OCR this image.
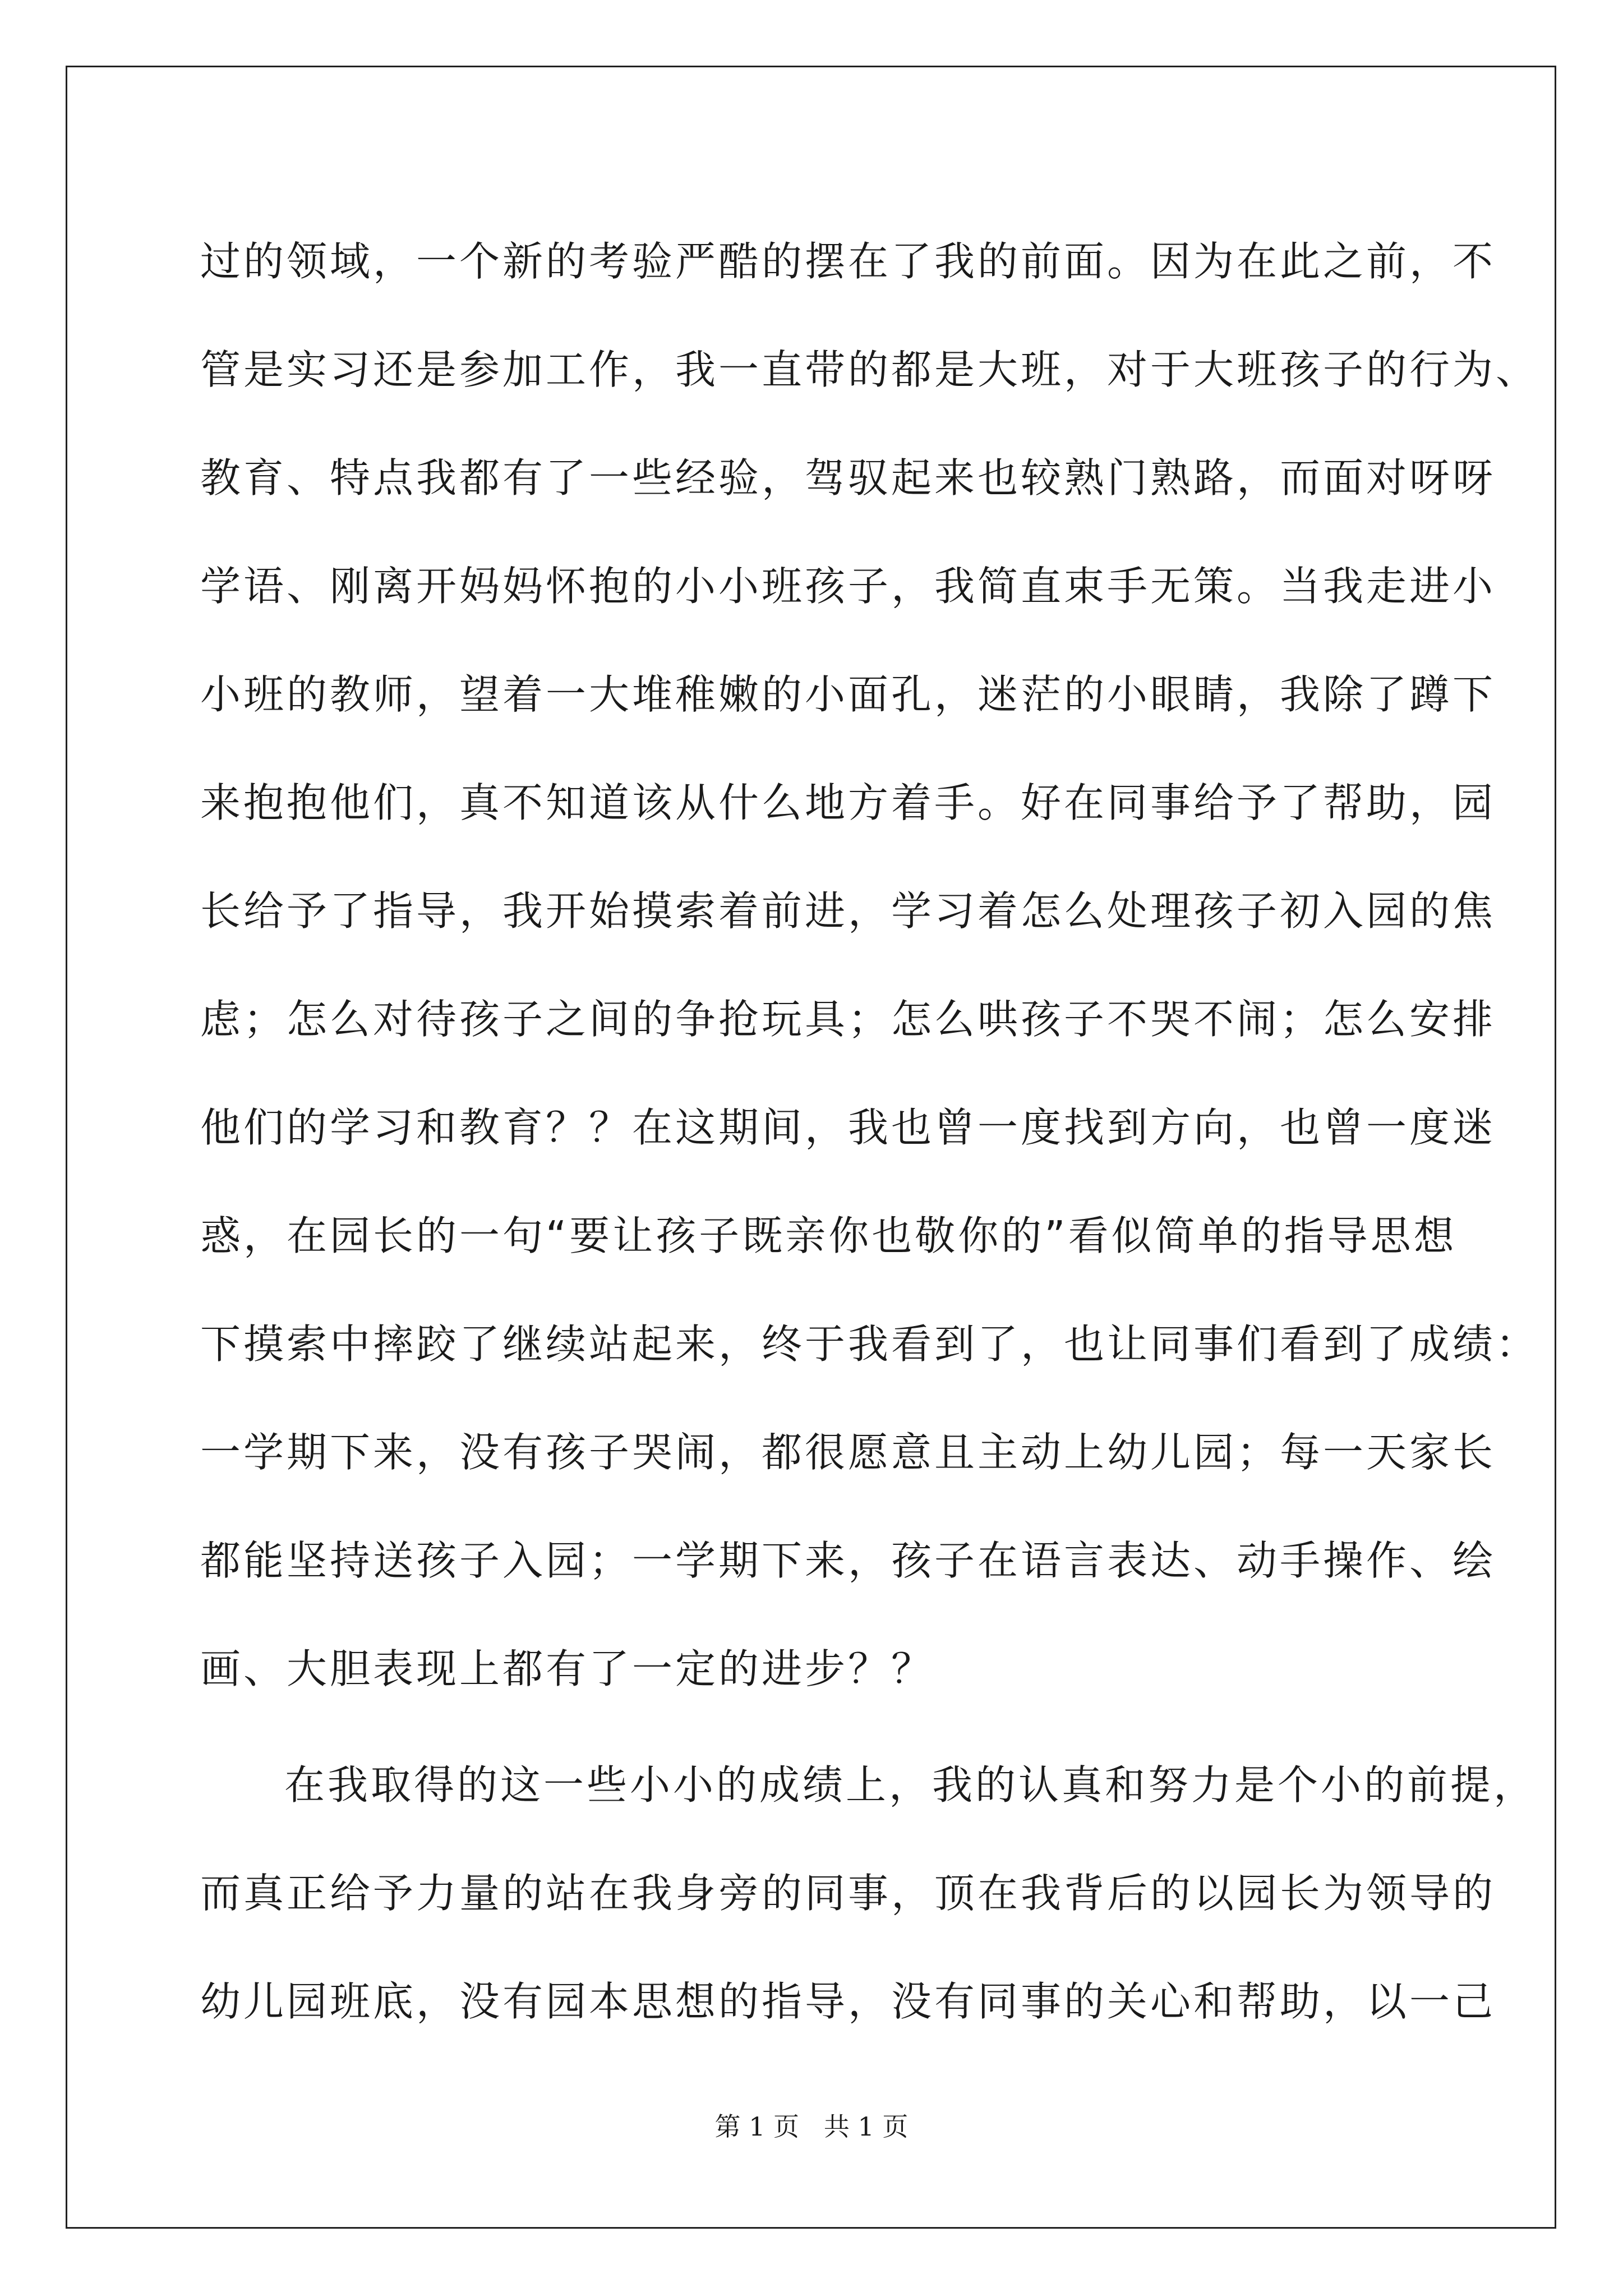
过的领域，一个新的考验严酷的摆在了我的前面。因为在此之前，不
管是实习还是参加工作，我一直带的都是大班，对于大班孩子的行为、
教育、特点我都有了一些经验，驾驭起来也较熟门熟路，而面对呀呀
学语、刚离开妈妈怀抱的小小班孩子，我简直束手无策。当我走进小
小班的教师，望着一大堆稚嫩的小面孔，迷茫的小眼睛，我除了蹲下
来抱抱他们，真不知道该从什么地方着手。好在同事给予了帮助，园
长给予了指导，我开始摸索着前进，学习着怎么处理孩子初入园的焦
虑；怎么对待孩子之间的争抢玩具；怎么哄孩子不哭不闹；怎么安排
他们的学习和教育？？在这期间，我也曾一度找到方向，也曾一度迷
惑，在园长的一句“要让孩子既亲你也敬你的”看似简单的指导思想
下摸索中摔跤了继续站起来，终于我看到了，也让同事们看到了成绩：
一学期下来，没有孩子哭闹，都很愿意且主动上幼儿园；每一天家长
都能坚持送孩子入园；一学期下来，孩子在语言表达、动手操作、绘
画、大胆表现上都有了一定的进步？？
在我取得的这一些小小的成绩上，我的认真和努力是个小的前提，
而真正给予力量的站在我身旁的同事，顶在我背后的以园长为领导的
幼儿园班底，没有园本思想的指导，没有同事的关心和帮助，以一己
第 1 页   共 1 页
